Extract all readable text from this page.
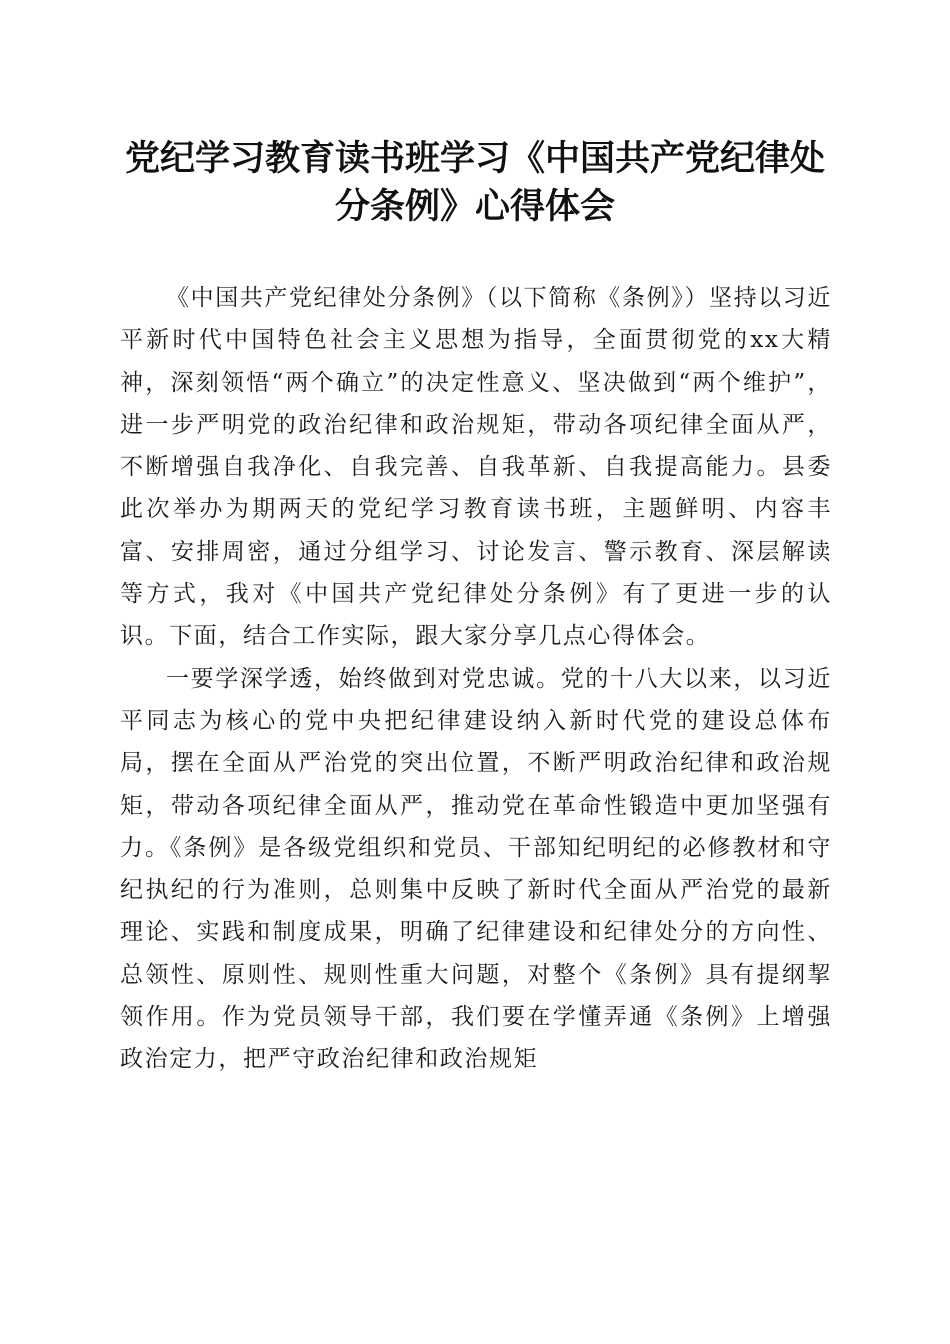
党纪学习教育读书班学习《中国共产党纪律处
分条例》心得体会

《中国共产党纪律处分条例》（以下简称《条例》）坚持以习近平新时代中国特色社会主义思想为指导，全面贯彻党的xx大精神，深刻领悟“两个确立”的决定性意义、坚决做到“两个维护”，进一步严明党的政治纪律和政治规矩，带动各项纪律全面从严，不断增强自我净化、自我完善、自我革新、自我提高能力。县委此次举办为期两天的党纪学习教育读书班，主题鲜明、内容丰富、安排周密，通过分组学习、讨论发言、警示教育、深层解读等方式，我对《中国共产党纪律处分条例》有了更进一步的认识。下面，结合工作实际，跟大家分享几点心得体会。

一要学深学透，始终做到对党忠诚。党的十八大以来，以习近平同志为核心的党中央把纪律建设纳入新时代党的建设总体布局，摆在全面从严治党的突出位置，不断严明政治纪律和政治规矩，带动各项纪律全面从严，推动党在革命性锻造中更加坚强有力。《条例》是各级党组织和党员、干部知纪明纪的必修教材和守纪执纪的行为准则，总则集中反映了新时代全面从严治党的最新理论、实践和制度成果，明确了纪律建设和纪律处分的方向性、总领性、原则性、规则性重大问题，对整个《条例》具有提纲挈领作用。作为党员领导干部，我们要在学懂弄通《条例》上增强政治定力，把严守政治纪律和政治规矩
